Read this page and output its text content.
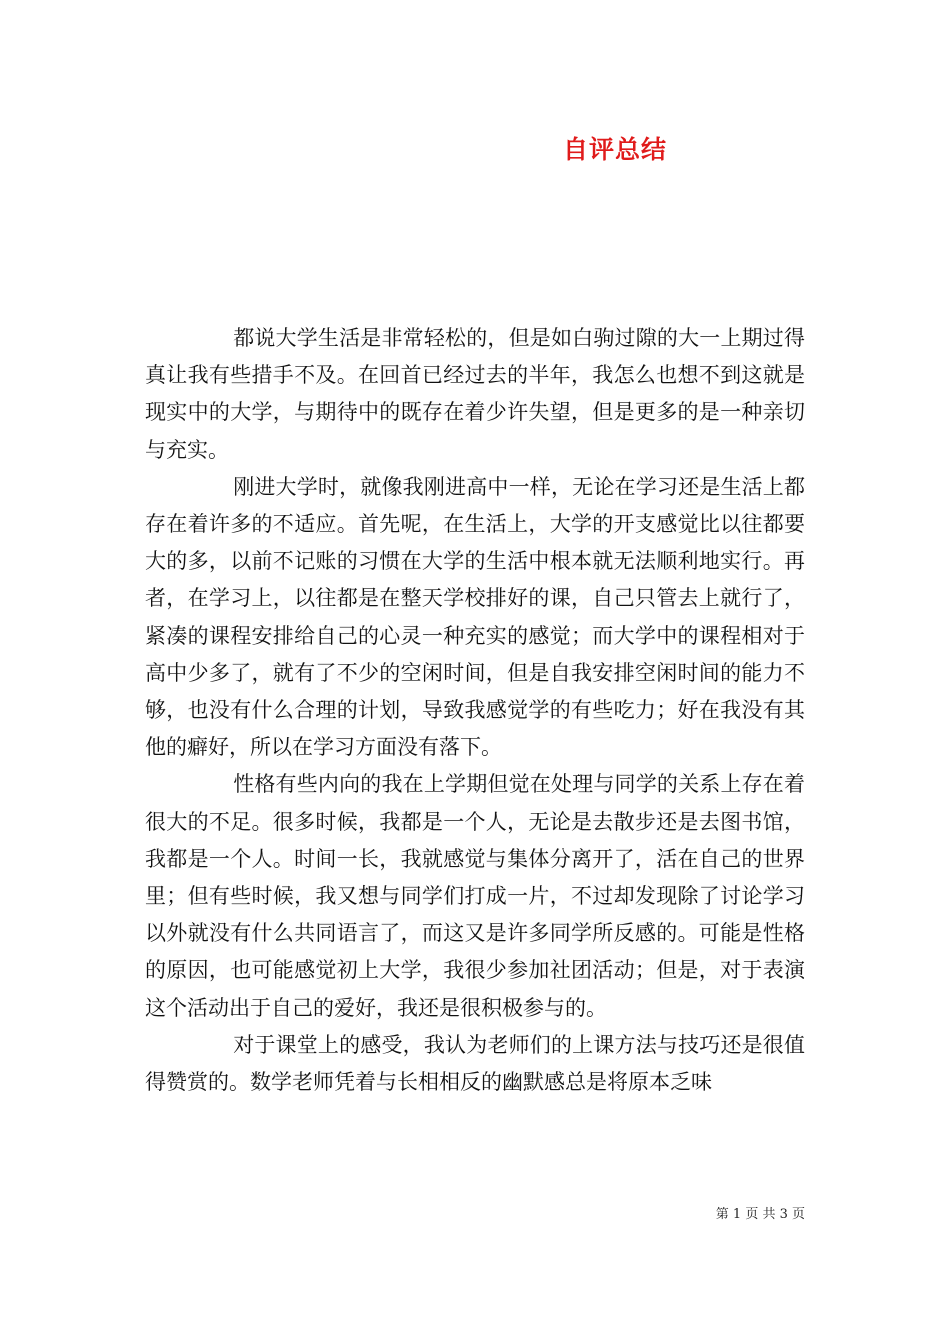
自评总结

都说大学生活是非常轻松的，但是如白驹过隙的大一上期过得真让我有些措手不及。在回首已经过去的半年，我怎么也想不到这就是现实中的大学，与期待中的既存在着少许失望，但是更多的是一种亲切与充实。

刚进大学时，就像我刚进高中一样，无论在学习还是生活上都存在着许多的不适应。首先呢，在生活上，大学的开支感觉比以往都要大的多，以前不记账的习惯在大学的生活中根本就无法顺利地实行。再者，在学习上，以往都是在整天学校排好的课，自己只管去上就行了，紧凑的课程安排给自己的心灵一种充实的感觉；而大学中的课程相对于高中少多了，就有了不少的空闲时间，但是自我安排空闲时间的能力不够，也没有什么合理的计划，导致我感觉学的有些吃力；好在我没有其他的癖好，所以在学习方面没有落下。

性格有些内向的我在上学期但觉在处理与同学的关系上存在着很大的不足。很多时候，我都是一个人，无论是去散步还是去图书馆，我都是一个人。时间一长，我就感觉与集体分离开了，活在自己的世界里；但有些时候，我又想与同学们打成一片，不过却发现除了讨论学习以外就没有什么共同语言了，而这又是许多同学所反感的。可能是性格的原因，也可能感觉初上大学，我很少参加社团活动；但是，对于表演这个活动出于自己的爱好，我还是很积极参与的。

对于课堂上的感受，我认为老师们的上课方法与技巧还是很值得赞赏的。数学老师凭着与长相相反的幽默感总是将原本乏味

第 1 页 共 3 页
